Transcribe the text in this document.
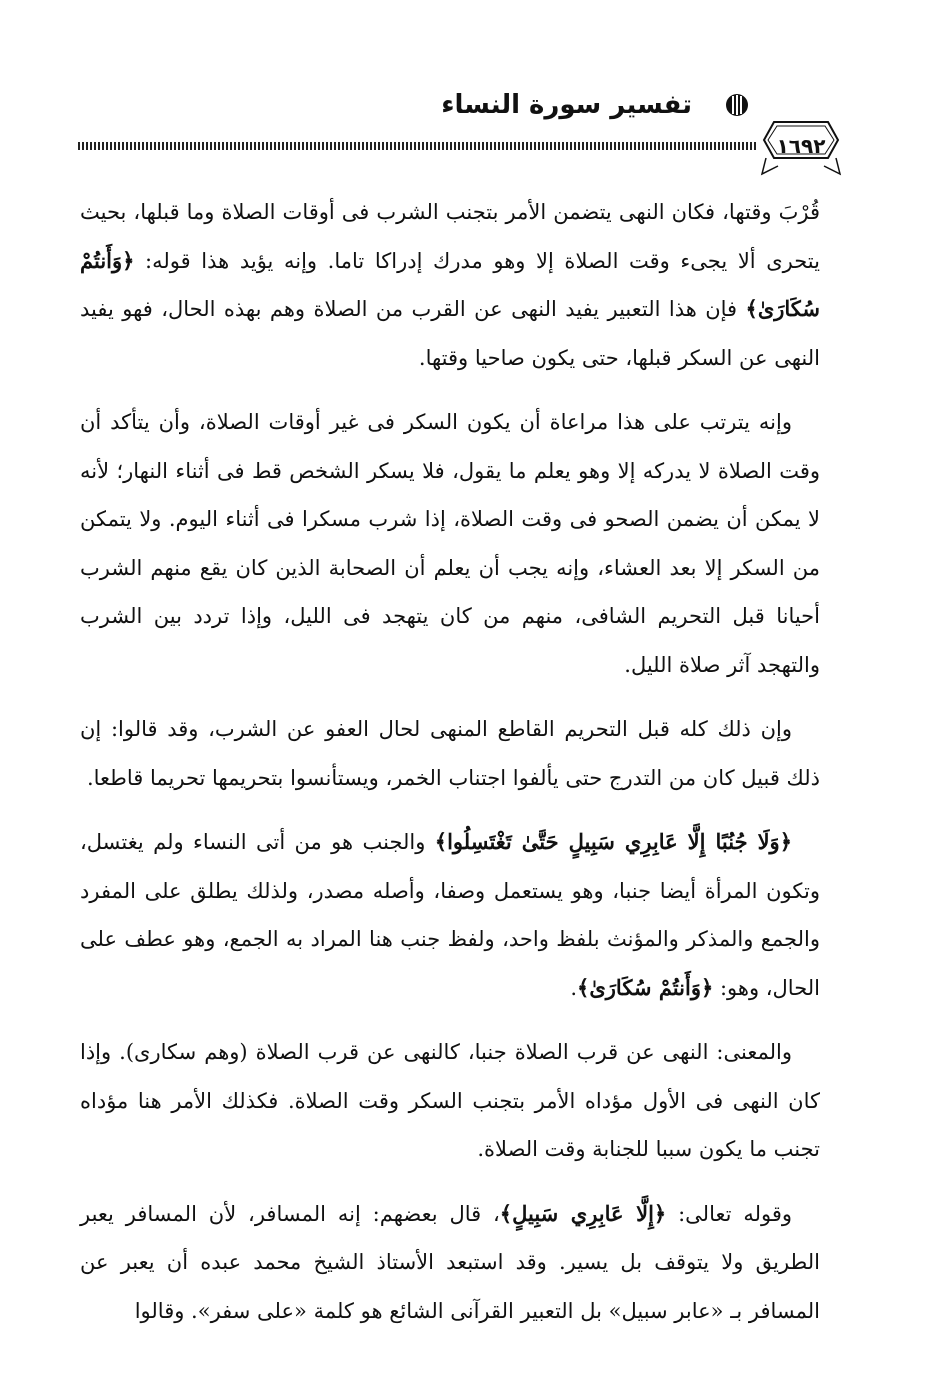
تفسير سورة النساء
١٦٩٢

قُرْبَ وقتها، فكان النهى يتضمن الأمر بتجنب الشرب فى أوقات الصلاة وما قبلها، بحيث يتحرى ألا يجىء وقت الصلاة إلا وهو مدرك إدراكا تاما. وإنه يؤيد هذا قوله: ﴿وَأَنتُمْ سُكَارَىٰ﴾ فإن هذا التعبير يفيد النهى عن القرب من الصلاة وهم بهذه الحال، فهو يفيد النهى عن السكر قبلها، حتى يكون صاحيا وقتها.

وإنه يترتب على هذا مراعاة أن يكون السكر فى غير أوقات الصلاة، وأن يتأكد أن وقت الصلاة لا يدركه إلا وهو يعلم ما يقول، فلا يسكر الشخص قط فى أثناء النهار؛ لأنه لا يمكن أن يضمن الصحو فى وقت الصلاة، إذا شرب مسكرا فى أثناء اليوم. ولا يتمكن من السكر إلا بعد العشاء، وإنه يجب أن يعلم أن الصحابة الذين كان يقع منهم الشرب أحيانا قبل التحريم الشافى، منهم من كان يتهجد فى الليل، وإذا تردد بين الشرب والتهجد آثر صلاة الليل.

وإن ذلك كله قبل التحريم القاطع المنهى لحال العفو عن الشرب، وقد قالوا: إن ذلك قبيل كان من التدرج حتى يألفوا اجتناب الخمر، ويستأنسوا بتحريمها تحريما قاطعا.

﴿وَلَا جُنُبًا إِلَّا عَابِرِي سَبِيلٍ حَتَّىٰ تَغْتَسِلُوا﴾ والجنب هو من أتى النساء ولم يغتسل، وتكون المرأة أيضا جنبا، وهو يستعمل وصفا، وأصله مصدر، ولذلك يطلق على المفرد والجمع والمذكر والمؤنث بلفظ واحد، ولفظ جنب هنا المراد به الجمع، وهو عطف على الحال، وهو: ﴿وَأَنتُمْ سُكَارَىٰ﴾.

والمعنى: النهى عن قرب الصلاة جنبا، كالنهى عن قرب الصلاة (وهم سكارى). وإذا كان النهى فى الأول مؤداه الأمر بتجنب السكر وقت الصلاة. فكذلك الأمر هنا مؤداه تجنب ما يكون سببا للجنابة وقت الصلاة.

وقوله تعالى: ﴿إِلَّا عَابِرِي سَبِيلٍ﴾، قال بعضهم: إنه المسافر، لأن المسافر يعبر الطريق ولا يتوقف بل يسير. وقد استبعد الأستاذ الشيخ محمد عبده أن يعبر عن المسافر بـ «عابر سبيل» بل التعبير القرآنى الشائع هو كلمة «على سفر». وقالوا
